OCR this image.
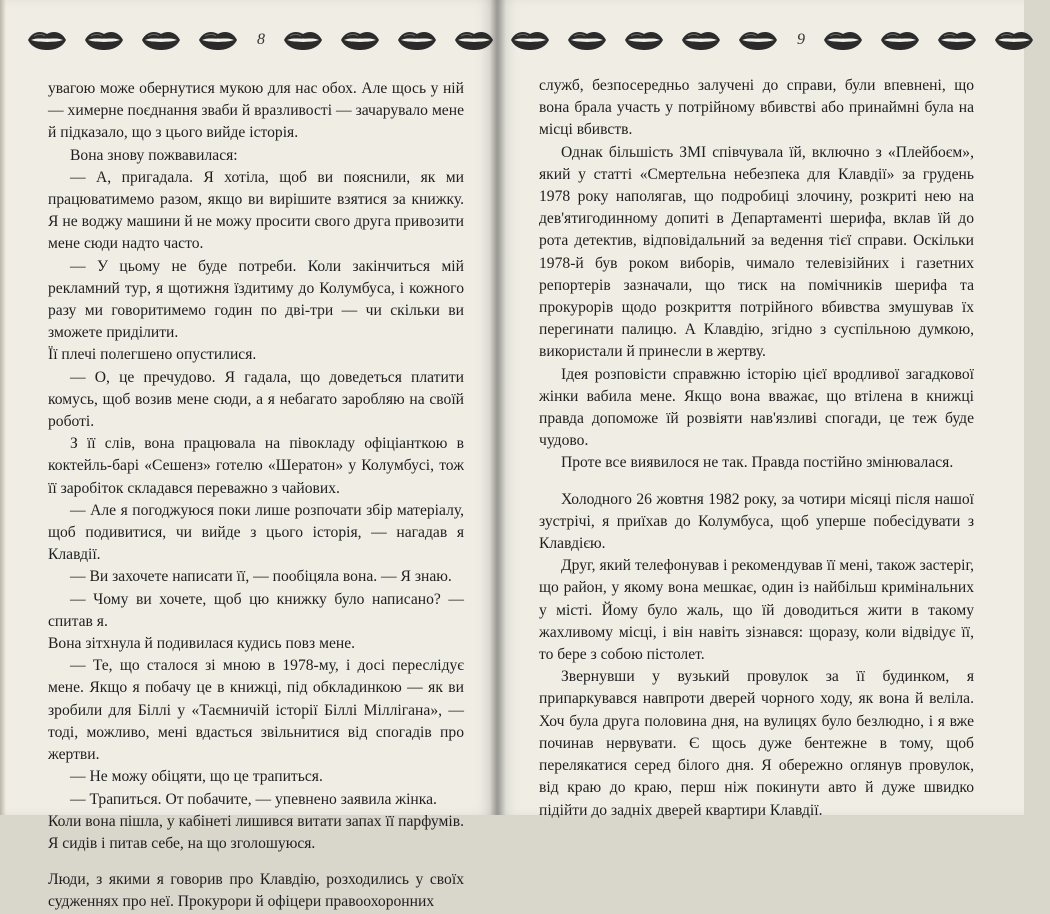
8

увагою може обернутися мукою для нас обох. Але щось у ній — химерне поєднання зваби й вразливості — зачарувало мене й підказало, що з цього вийде історія.

Вона знову пожвавилася:

— А, пригадала. Я хотіла, щоб ви пояснили, як ми працюватимемо разом, якщо ви вирішите взятися за книжку. Я не воджу машини й не можу просити свого друга привозити мене сюди надто часто.

— У цьому не буде потреби. Коли закінчиться мій рекламний тур, я щотижня їздитиму до Колумбуса, і кожного разу ми говоритимемо годин по дві-три — чи скільки ви зможете приділити.

Її плечі полегшено опустилися.

— О, це пречудово. Я гадала, що доведеться платити комусь, щоб возив мене сюди, а я небагато заробляю на своїй роботі.

З її слів, вона працювала на півокладу офіціанткою в коктейль-барі «Сешенз» готелю «Шератон» у Колумбусі, тож її заробіток складався переважно з чайових.

— Але я погоджуюся поки лише розпочати збір матеріалу, щоб подивитися, чи вийде з цього історія, — нагадав я Клавдії.

— Ви захочете написати її, — пообіцяла вона. — Я знаю.

— Чому ви хочете, щоб цю книжку було написано? — спитав я.

Вона зітхнула й подивилася кудись повз мене.

— Те, що сталося зі мною в 1978-му, і досі переслідує мене. Якщо я побачу це в книжці, під обкладинкою — як ви зробили для Біллі у «Таємничій історії Біллі Міллігана», — тоді, можливо, мені вдасться звільнитися від спогадів про жертви.

— Не можу обіцяти, що це трапиться.

— Трапиться. От побачите, — упевнено заявила жінка.

Коли вона пішла, у кабінеті лишився витати запах її парфумів. Я сидів і питав себе, на що зголошуюся.

Люди, з якими я говорив про Клавдію, розходились у своїх судженнях про неї. Прокурори й офіцери правоохоронних

9

служб, безпосередньо залучені до справи, були впевнені, що вона брала участь у потрійному вбивстві або принаймні була на місці вбивств.

Однак більшість ЗМІ співчувала їй, включно з «Плейбоєм», який у статті «Смертельна небезпека для Клавдії» за грудень 1978 року наполягав, що подробиці злочину, розкриті нею на дев'ятигодинному допиті в Департаменті шерифа, вклав їй до рота детектив, відповідальний за ведення тієї справи. Оскільки 1978-й був роком виборів, чимало телевізійних і газетних репортерів зазначали, що тиск на помічників шерифа та прокурорів щодо розкриття потрійного вбивства змушував їх перегинати палицю. А Клавдію, згідно з суспільною думкою, використали й принесли в жертву.

Ідея розповісти справжню історію цієї вродливої загадкової жінки вабила мене. Якщо вона вважає, що втілена в книжці правда допоможе їй розвіяти нав'язливі спогади, це теж буде чудово.

Проте все виявилося не так. Правда постійно змінювалася.

Холодного 26 жовтня 1982 року, за чотири місяці після нашої зустрічі, я приїхав до Колумбуса, щоб уперше побесідувати з Клавдією.

Друг, який телефонував і рекомендував її мені, також застеріг, що район, у якому вона мешкає, один із найбільш кримінальних у місті. Йому було жаль, що їй доводиться жити в такому жахливому місці, і він навіть зізнався: щоразу, коли відвідує її, то бере з собою пістолет.

Звернувши у вузький провулок за її будинком, я припаркувався навпроти дверей чорного ходу, як вона й веліла. Хоч була друга половина дня, на вулицях було безлюдно, і я вже починав нервувати. Є щось дуже бентежне в тому, щоб перелякатися серед білого дня. Я обережно оглянув провулок, від краю до краю, перш ніж покинути авто й дуже швидко підійти до задніх дверей квартири Клавдії.
